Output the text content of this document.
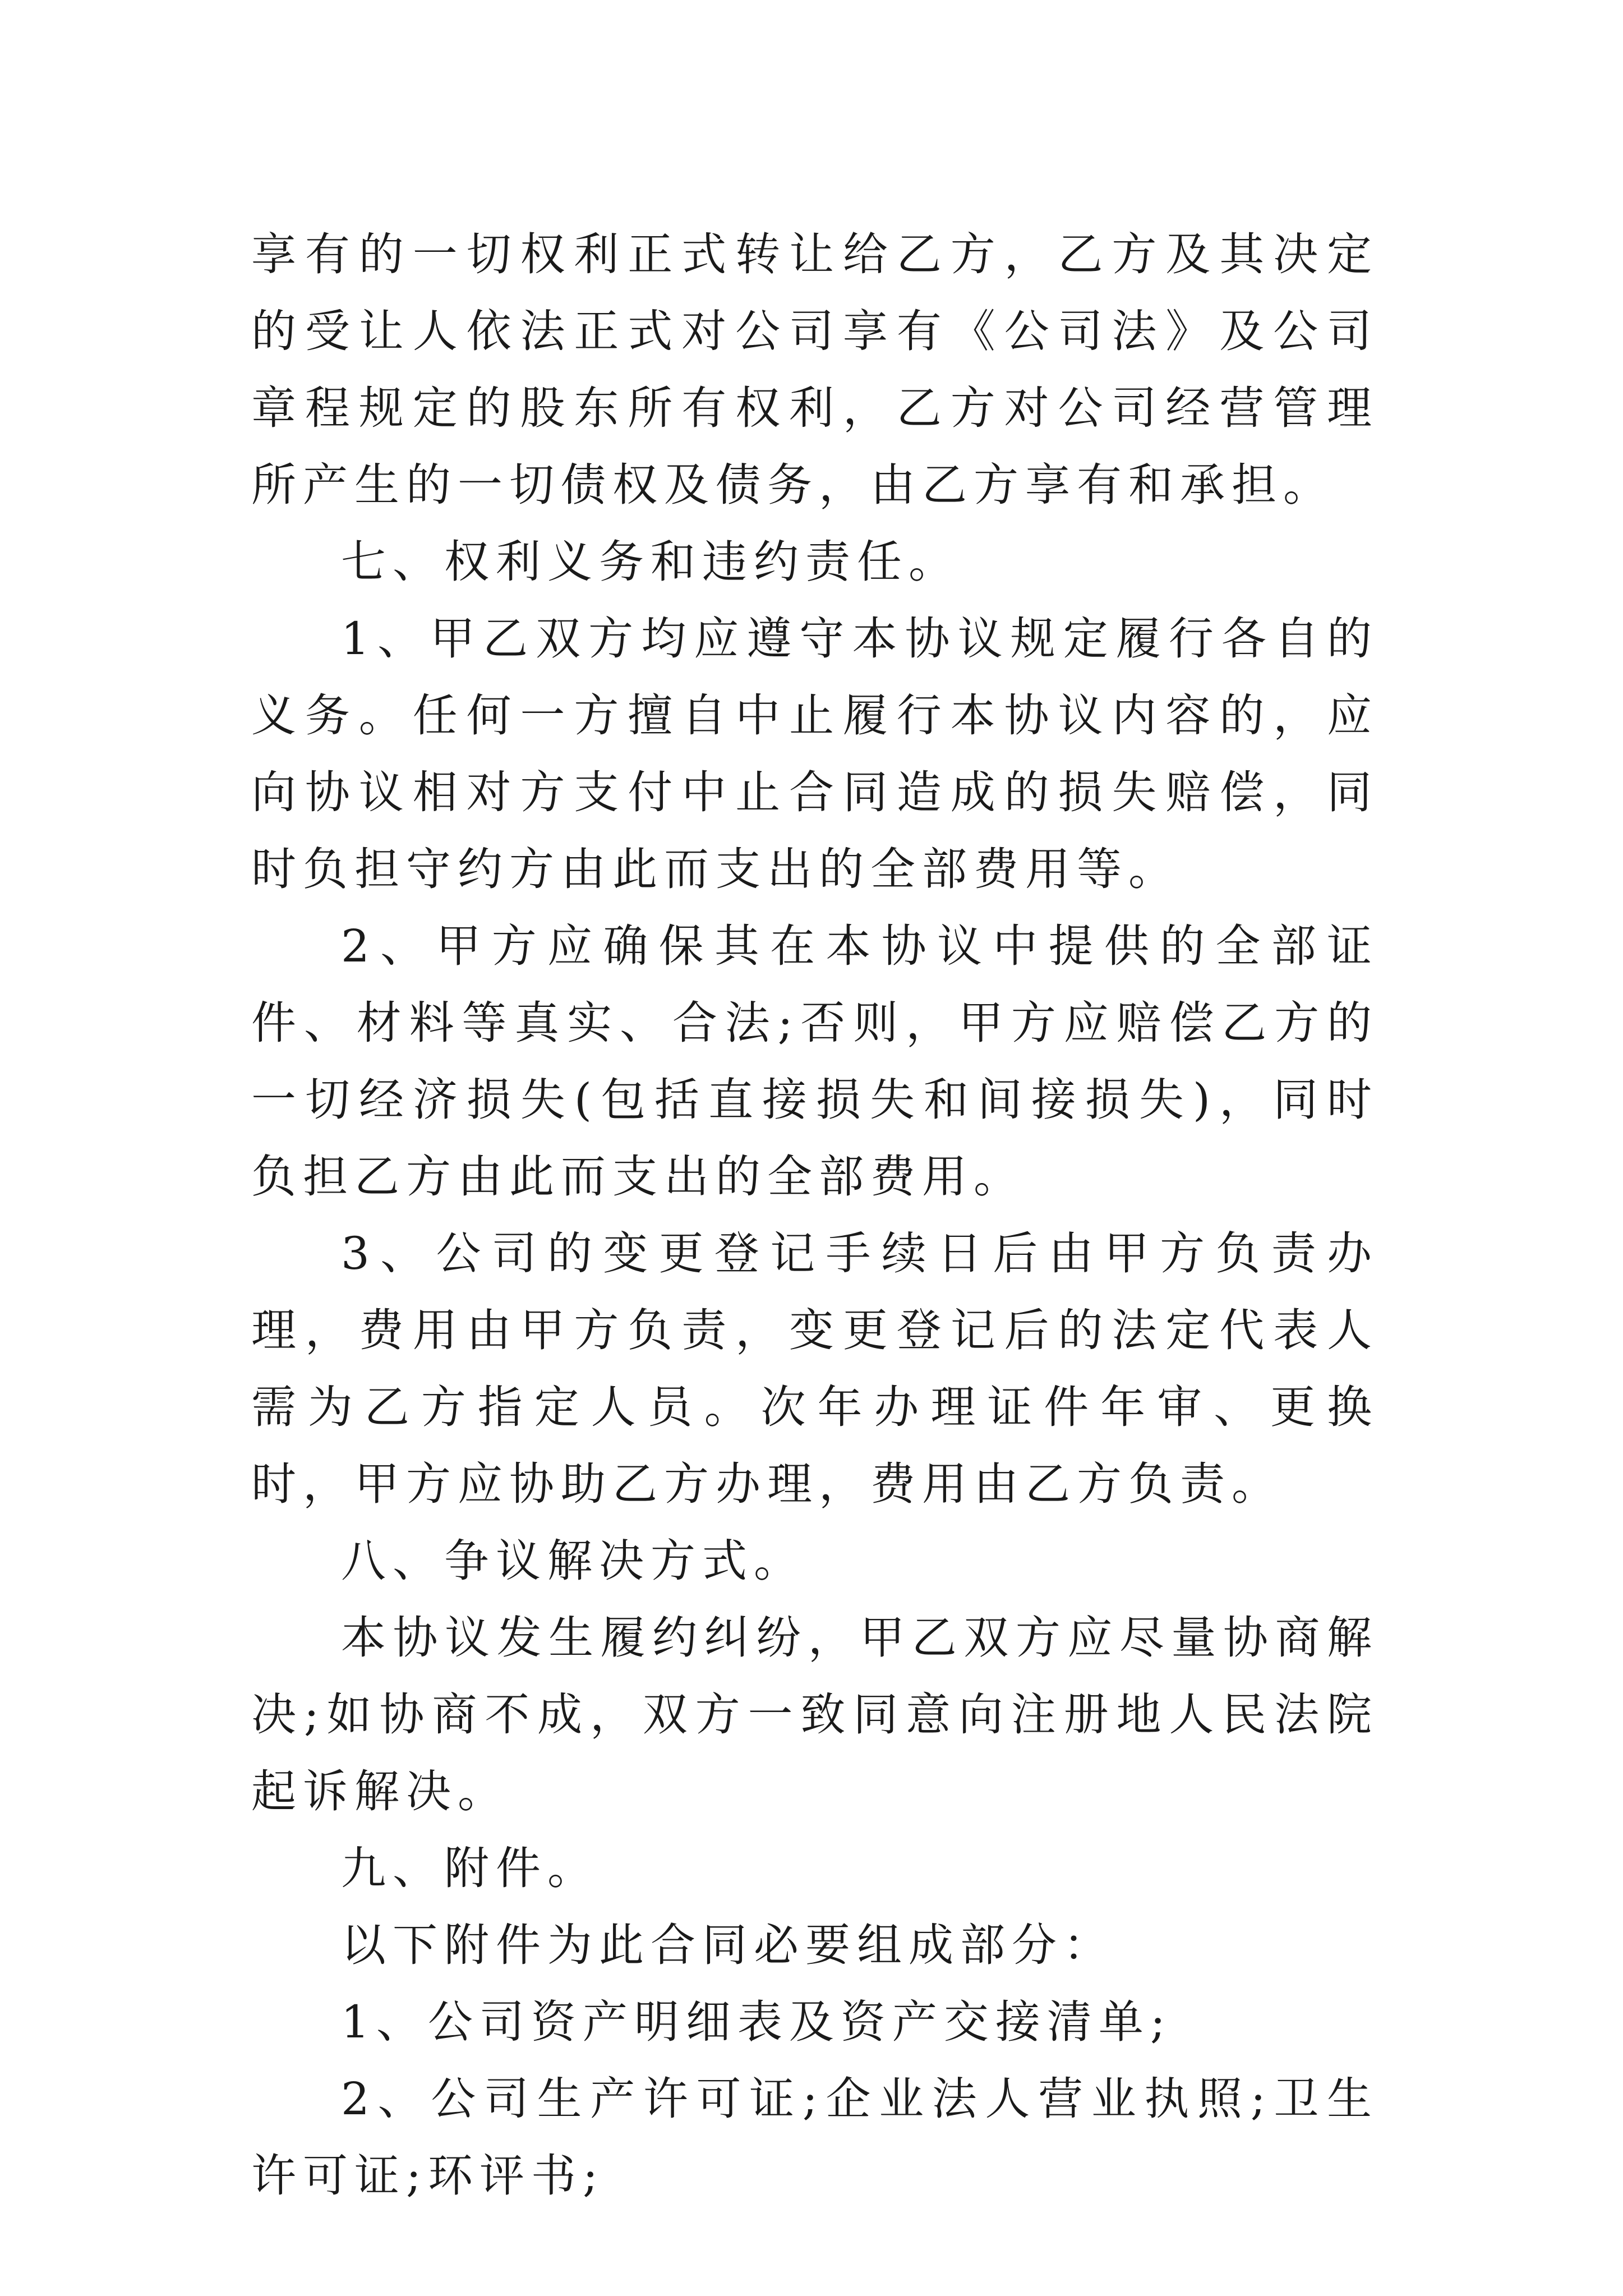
享有的一切权利正式转让给乙方，乙方及其决定的受让人依法正式对公司享有《公司法》及公司章程规定的股东所有权利，乙方对公司经营管理所产生的一切债权及债务，由乙方享有和承担。

七、权利义务和违约责任。

1、甲乙双方均应遵守本协议规定履行各自的义务。任何一方擅自中止履行本协议内容的，应向协议相对方支付中止合同造成的损失赔偿，同时负担守约方由此而支出的全部费用等。

2、甲方应确保其在本协议中提供的全部证件、材料等真实、合法;否则，甲方应赔偿乙方的一切经济损失(包括直接损失和间接损失)，同时负担乙方由此而支出的全部费用。

3、公司的变更登记手续日后由甲方负责办理，费用由甲方负责，变更登记后的法定代表人需为乙方指定人员。次年办理证件年审、更换时，甲方应协助乙方办理，费用由乙方负责。

八、争议解决方式。

本协议发生履约纠纷，甲乙双方应尽量协商解决;如协商不成，双方一致同意向注册地人民法院起诉解决。

九、附件。

以下附件为此合同必要组成部分：

1、公司资产明细表及资产交接清单;

2、公司生产许可证;企业法人营业执照;卫生许可证;环评书;
